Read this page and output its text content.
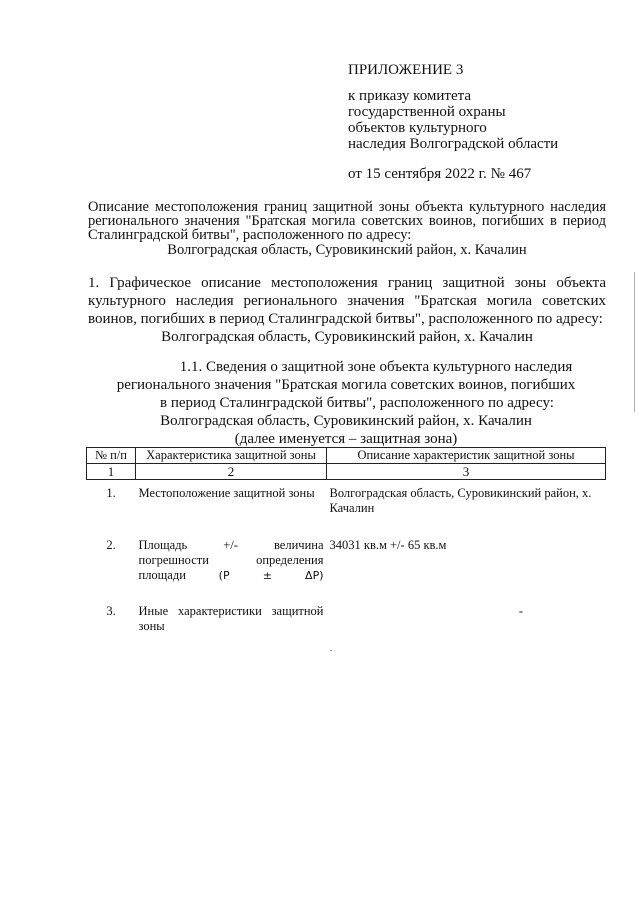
ПРИЛОЖЕНИЕ 3
к приказу комитета
государственной охраны
объектов культурного
наследия Волгоградской области
от 15 сентября 2022 г. № 467
Описание местоположения границ защитной зоны объекта культурного наследия регионального значения "Братская могила советских воинов, погибших в период Сталинградской битвы", расположенного по адресу:
Волгоградская область, Суровикинский район, х. Качалин
1. Графическое описание местоположения границ защитной зоны объекта культурного наследия регионального значения "Братская могила советских воинов, погибших в период Сталинградской битвы", расположенного по адресу:
Волгоградская область, Суровикинский район, х. Качалин
1.1. Сведения о защитной зоне объекта культурного наследия
регионального значения "Братская могила советских воинов, погибших
в период Сталинградской битвы", расположенного по адресу:
Волгоградская область, Суровикинский район, х. Качалин
(далее именуется – защитная зона)
№ п/п	Характеристика защитной зоны	Описание характеристик защитной зоны
1	2	3
1.	Местоположение защитной зоны	Волгоградская область, Суровикинский район, х. Качалин
2.	Площадь +/- величина погрешности определения площади (P ± ΔP)	34031 кв.м +/- 65 кв.м
3.	Иные характеристики защитной зоны	-
